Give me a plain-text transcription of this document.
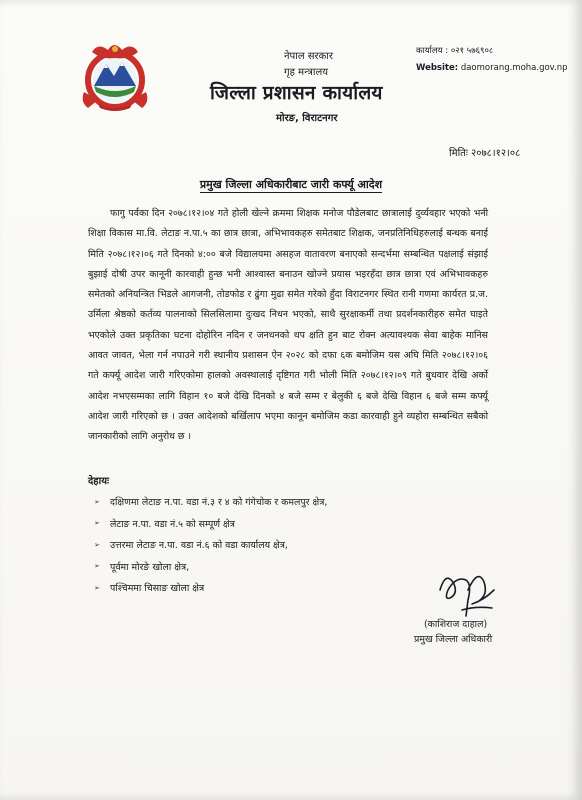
नेपाल सरकार
गृह मन्त्रालय
जिल्ला प्रशासन कार्यालय
मोरङ, विराटनगर
कार्यालय : ०२१ ५७६९०८
Website: daomorang.moha.gov.np
मितिः २०७८।१२।०८
प्रमुख जिल्ला अधिकारीबाट जारी कर्फ्यू आदेश

फागु पर्वका दिन २०७८।१२।०४ गते होली खेल्ने क्रममा शिक्षक मनोज पौडेलबाट छात्रालाई दुर्व्यवहार भएको भनी शिक्षा विकास मा.वि. लेटाङ न.पा.५ का छात्र छात्रा, अभिभावकहरु समेतबाट शिक्षक, जनप्रतिनिधिहरुलाई बन्धक बनाई मिति २०७८।१२।०६ गते दिनको ४:०० बजे विद्यालयमा असहज वातावरण बनाएको सन्दर्भमा सम्बन्धित पक्षलाई संझाई बुझाई दोषी उपर कानूनी कारवाही हुन्छ भनी आश्वास्त बनाउन खोज्ने प्रयास भइरहँदा छात्र छात्रा एवं अभिभावकहरु समेतको अनियन्त्रित भिडले आगजनी, तोडफोड र ढुंगा मुढा समेत गरेको हुँदा विराटनगर स्थित रानी गणमा कार्यरत प्र.ज. उर्मिला श्रेष्ठको कर्तव्य पालनाको सिलसिलामा दुःखद निधन भएको, साथै सुरक्षाकर्मी तथा प्रदर्शनकारीहरु समेत घाइते भएकोले उक्त प्रकृतिका घटना दोहोरिन नदिन र जनधनको थप क्षति हुन बाट रोक्न अत्यावश्यक सेवा बाहेक मानिस आवत जावत, भेला गर्न नपाउने गरी स्थानीय प्रशासन ऐन २०२८ को दफा ६क बमोजिम यस अघि मिति २०७८।१२।०६ गते कर्फ्यू आदेश जारी गरिएकोमा हालको अवस्थालाई दृष्टिगत गरी भोली मिति २०७८।१२।०९ गते बुधवार देखि अर्को आदेश नभएसम्मका लागि विहान १० बजे देखि दिनको ४ बजे सम्म र बेलुकी ६ बजे देखि विहान ६ बजे सम्म कर्फ्यू आदेश जारी गरिएको छ । उक्त आदेशको बर्खिलाप भएमा कानून बमोजिम कडा कारवाही हुने व्यहोरा सम्बन्धित सबैको जानकारीको लागि अनुरोध छ ।

देहायः
➢	दक्षिणमा लेटाङ न.पा. वडा नं.३ र ४ को गंगेचोक र कमलपुर क्षेत्र,
➢	लेटाङ न.पा. वडा नं.५ को सम्पूर्ण क्षेत्र
➢	उत्तरमा लेटाङ न.पा. वडा नं.६ को वडा कार्यालय क्षेत्र,
➢	पूर्वमा मोरङे खोला क्षेत्र,
➢	पश्चिममा चिसाङ खोला क्षेत्र
(काशिराज दाहाल)
प्रमुख जिल्ला अधिकारी
